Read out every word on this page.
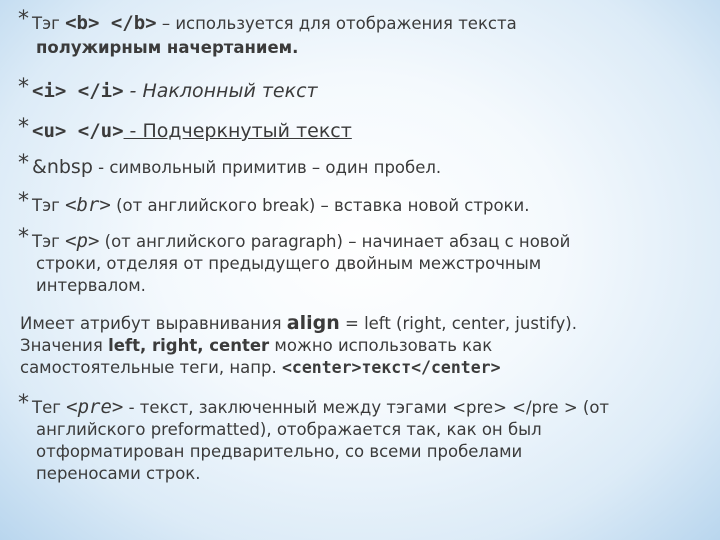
* Тэг <b> </b> – используется для отображения текста
полужирным начертанием.
* <i> </i> - Наклонный текст
* <u> </u> - Подчеркнутый текст
* &nbsp - символьный примитив – один пробел.
* Тэг <br> (от английского break) – вставка новой строки.
* Тэг <p> (от английского paragraph) – начинает абзац с новой
строки, отделяя от предыдущего двойным межстрочным
интервалом.
Имеет атрибут выравнивания align = left (right, center, justify).
Значения left, right, center можно использовать как
самостоятельные теги, напр. <center>текст</center>
* Тег <pre> - текст, заключенный между тэгами <pre> </pre > (от
английского preformatted), отображается так, как он был
отформатирован предварительно, со всеми пробелами
переносами строк.
